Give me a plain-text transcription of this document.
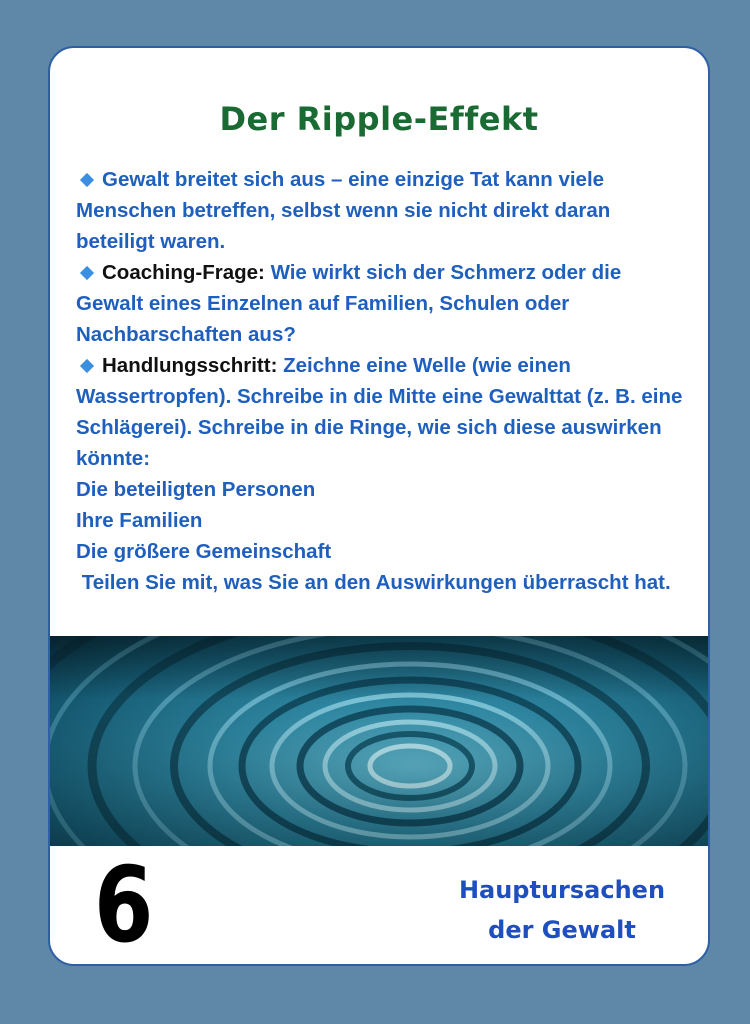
Der Ripple-Effekt

Gewalt breitet sich aus – eine einzige Tat kann viele Menschen betreffen, selbst wenn sie nicht direkt daran beteiligt waren.

Coaching-Frage: Wie wirkt sich der Schmerz oder die Gewalt eines Einzelnen auf Familien, Schulen oder Nachbarschaften aus?

Handlungsschritt: Zeichne eine Welle (wie einen Wassertropfen). Schreibe in die Mitte eine Gewalttat (z. B. eine Schlägerei). Schreibe in die Ringe, wie sich diese auswirken könnte:

Die beteiligten Personen

Ihre Familien

Die größere Gemeinschaft

Teilen Sie mit, was Sie an den Auswirkungen überrascht hat.

6	Hauptursachen
der Gewalt
